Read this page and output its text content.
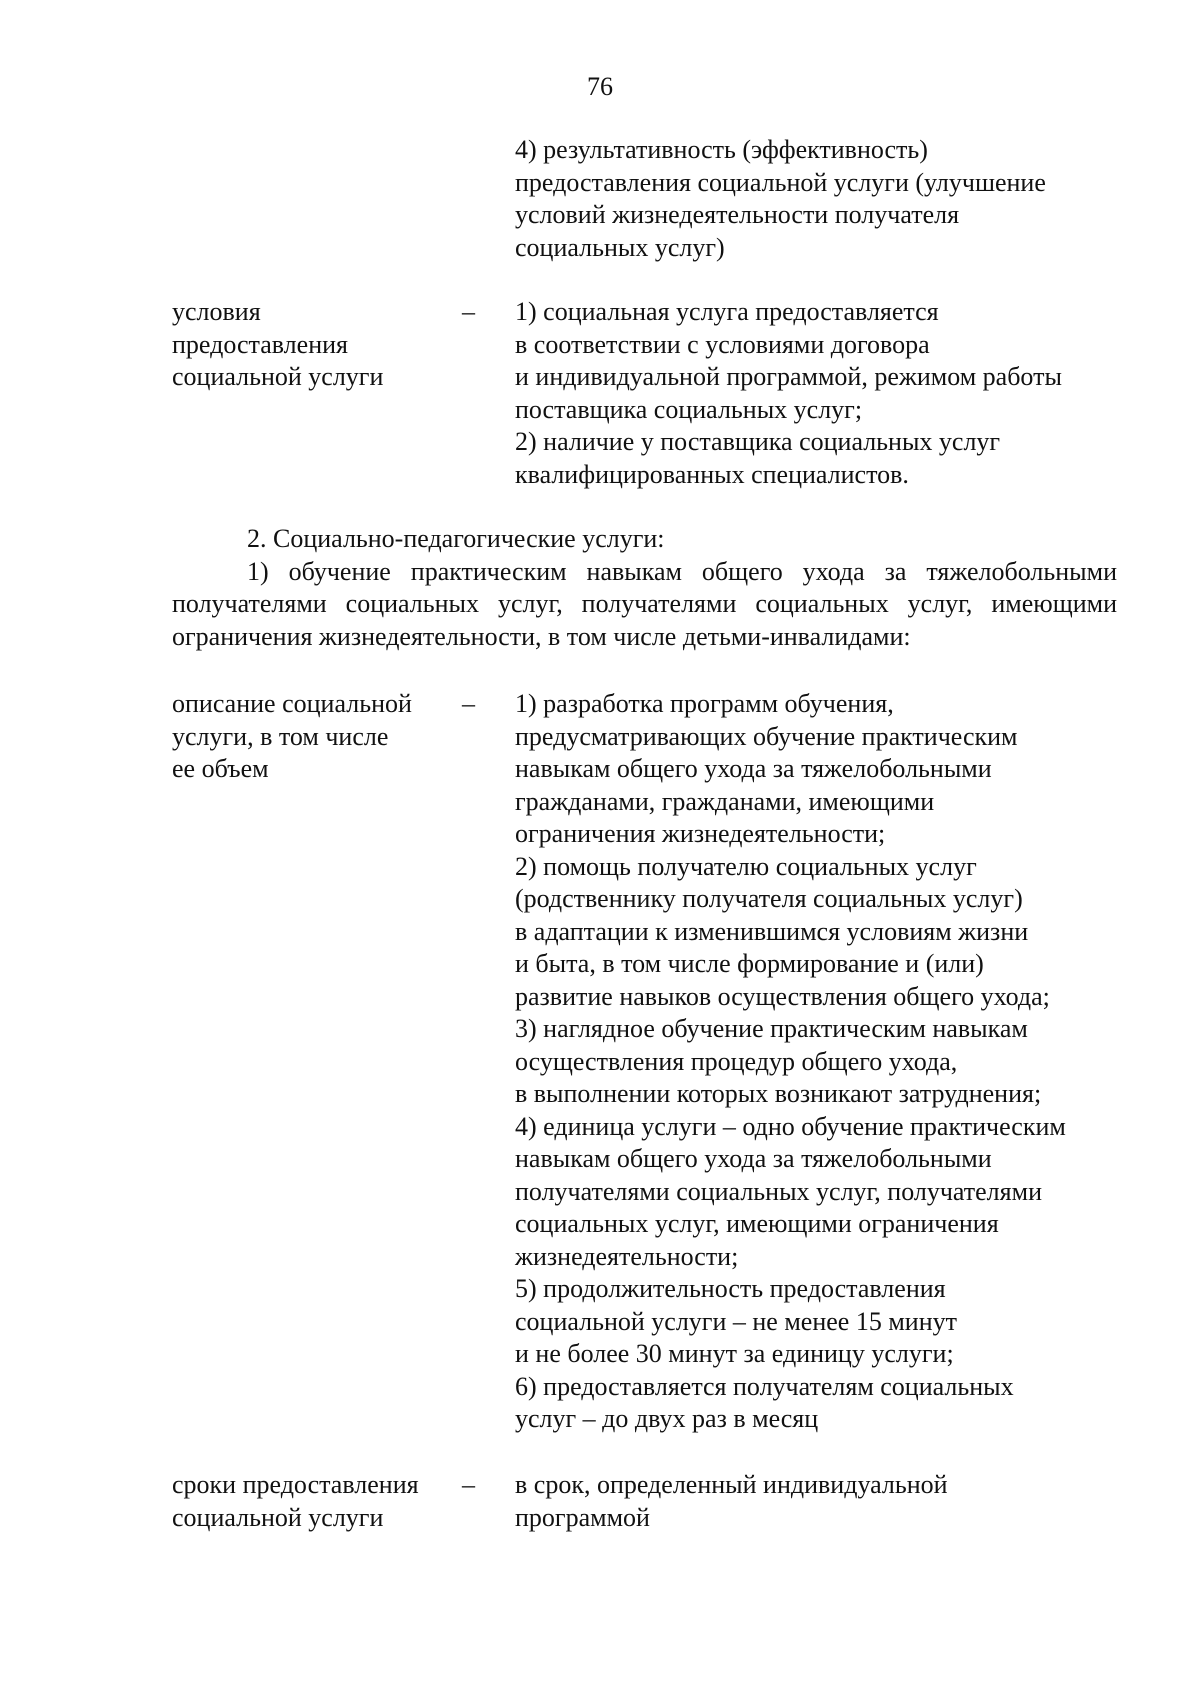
76
4) результативность (эффективность)
предоставления социальной услуги (улучшение
условий жизнедеятельности получателя
социальных услуг)
условия
предоставления
социальной услуги
– 1) социальная услуга предоставляется
в соответствии с условиями договора
и индивидуальной программой, режимом работы
поставщика социальных услуг;
2) наличие у поставщика социальных услуг
квалифицированных специалистов.
2. Социально-педагогические услуги:
1) обучение практическим навыкам общего ухода за тяжелобольными
получателями социальных услуг, получателями социальных услуг, имеющими
ограничения жизнедеятельности, в том числе детьми-инвалидами:
описание социальной
услуги, в том числе
ее объем
– 1) разработка программ обучения,
предусматривающих обучение практическим
навыкам общего ухода за тяжелобольными
гражданами, гражданами, имеющими
ограничения жизнедеятельности;
2) помощь получателю социальных услуг
(родственнику получателя социальных услуг)
в адаптации к изменившимся условиям жизни
и быта, в том числе формирование и (или)
развитие навыков осуществления общего ухода;
3) наглядное обучение практическим навыкам
осуществления процедур общего ухода,
в выполнении которых возникают затруднения;
4) единица услуги – одно обучение практическим
навыкам общего ухода за тяжелобольными
получателями социальных услуг, получателями
социальных услуг, имеющими ограничения
жизнедеятельности;
5) продолжительность предоставления
социальной услуги – не менее 15 минут
и не более 30 минут за единицу услуги;
6) предоставляется получателям социальных
услуг – до двух раз в месяц
сроки предоставления
социальной услуги
– в срок, определенный индивидуальной
программой
